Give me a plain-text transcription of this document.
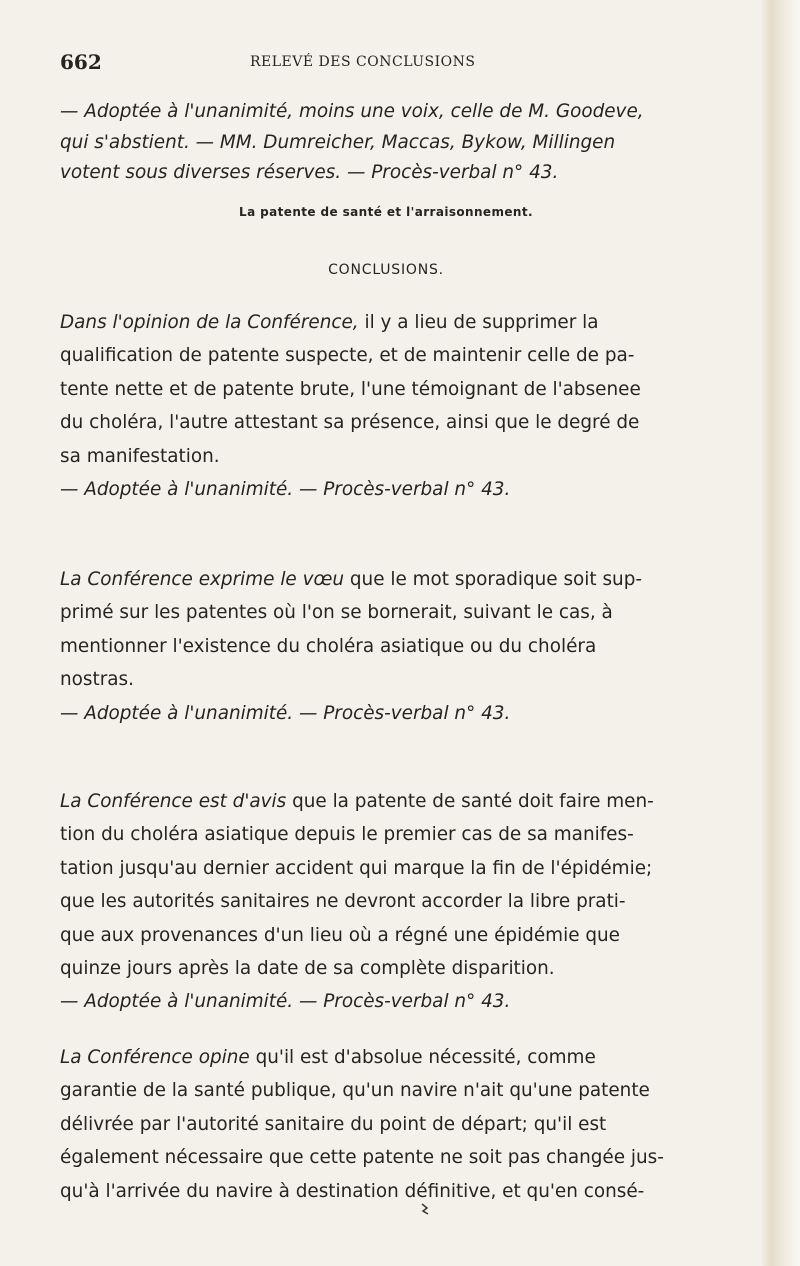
662	RELEVÉ DES CONCLUSIONS

— Adoptée à l'unanimité, moins une voix, celle de M. Goodeve,

qui s'abstient. — MM. Dumreicher, Maccas, Bykow, Millingen

votent sous diverses réserves. — Procès-verbal n° 43.

La patente de santé et l'arraisonnement.
CONCLUSIONS.

Dans l'opinion de la Conférence, il y a lieu de supprimer la

qualification de patente suspecte, et de maintenir celle de pa-

tente nette et de patente brute, l'une témoignant de l'absenee

du choléra, l'autre attestant sa présence, ainsi que le degré de

sa manifestation.

— Adoptée à l'unanimité. — Procès-verbal n° 43.

La Conférence exprime le vœu que le mot sporadique soit sup-

primé sur les patentes où l'on se bornerait, suivant le cas, à

mentionner l'existence du choléra asiatique ou du choléra

nostras.

— Adoptée à l'unanimité. — Procès-verbal n° 43.

La Conférence est d'avis que la patente de santé doit faire men-

tion du choléra asiatique depuis le premier cas de sa manifes-

tation jusqu'au dernier accident qui marque la fin de l'épidémie;

que les autorités sanitaires ne devront accorder la libre prati-

que aux provenances d'un lieu où a régné une épidémie que

quinze jours après la date de sa complète disparition.

— Adoptée à l'unanimité. — Procès-verbal n° 43.

La Conférence opine qu'il est d'absolue nécessité, comme

garantie de la santé publique, qu'un navire n'ait qu'une patente

délivrée par l'autorité sanitaire du point de départ; qu'il est

également nécessaire que cette patente ne soit pas changée jus-

qu'à l'arrivée du navire à destination définitive, et qu'en consé-
